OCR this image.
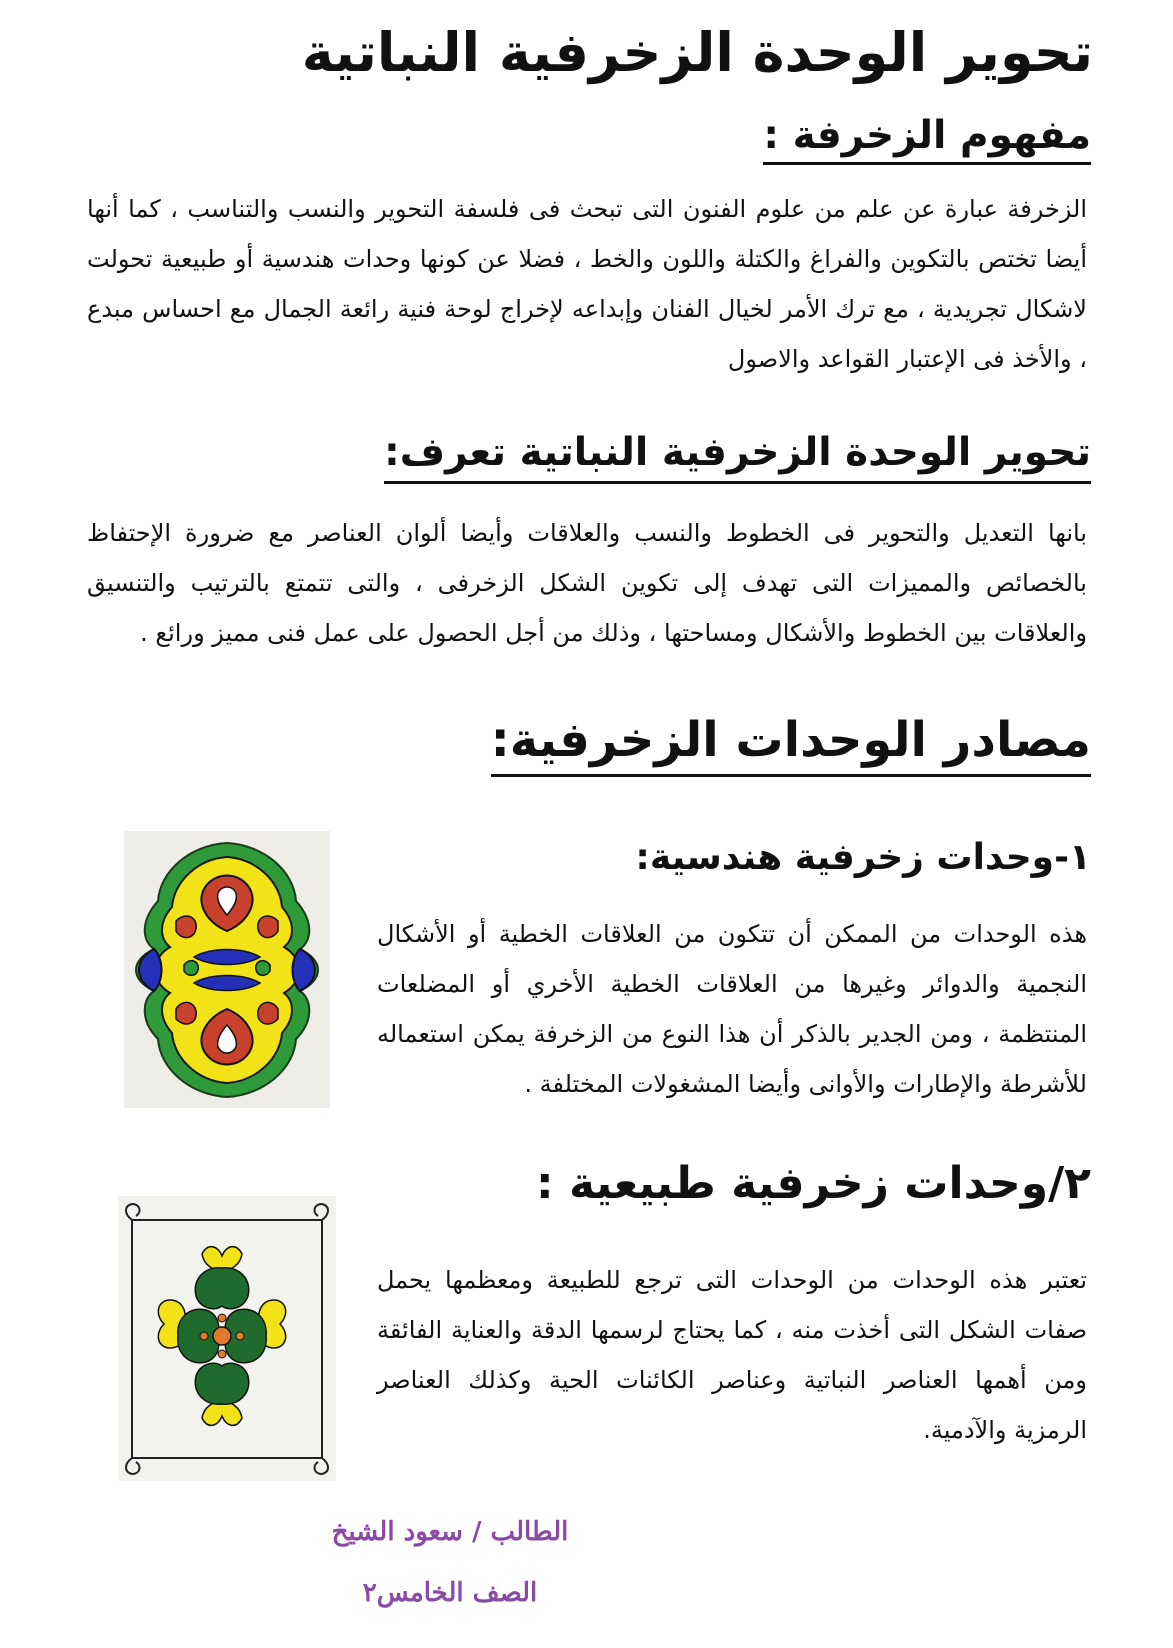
تحوير الوحدة الزخرفية النباتية
مفهوم الزخرفة :
الزخرفة عبارة عن علم من علوم الفنون التى تبحث فى فلسفة التحوير والنسب والتناسب ، كما أنها أيضا تختص بالتكوين والفراغ والكتلة واللون والخط ، فضلا عن كونها وحدات هندسية أو طبيعية تحولت لاشكال تجريدية ، مع ترك الأمر لخيال الفنان وإبداعه لإخراج لوحة فنية رائعة الجمال مع احساس مبدع ، والأخذ فى الإعتبار القواعد والاصول
تحوير الوحدة الزخرفية النباتية تعرف:
بانها التعديل والتحوير فى الخطوط والنسب والعلاقات وأيضا ألوان العناصر مع ضرورة الإحتفاظ بالخصائص والمميزات التى تهدف إلى تكوين الشكل الزخرفى ، والتى تتمتع بالترتيب والتنسيق والعلاقات بين الخطوط والأشكال ومساحتها ، وذلك من أجل الحصول على عمل فنى مميز ورائع .
مصادر الوحدات الزخرفية:
١-وحدات زخرفية هندسية:
هذه الوحدات من الممكن أن تتكون من العلاقات الخطية أو الأشكال النجمية والدوائر وغيرها من العلاقات الخطية الأخري أو المضلعات المنتظمة ، ومن الجدير بالذكر أن هذا النوع من الزخرفة يمكن استعماله للأشرطة والإطارات والأوانى وأيضا المشغولات المختلفة .
٢/وحدات زخرفية طبيعية :
تعتبر هذه الوحدات من الوحدات التى ترجع للطبيعة ومعظمها يحمل صفات الشكل التى أخذت منه ، كما يحتاج لرسمها الدقة والعناية الفائقة ومن أهمها العناصر النباتية وعناصر الكائنات الحية وكذلك العناصر الرمزية والآدمية.
الطالب / سعود الشيخ
الصف الخامس٢
